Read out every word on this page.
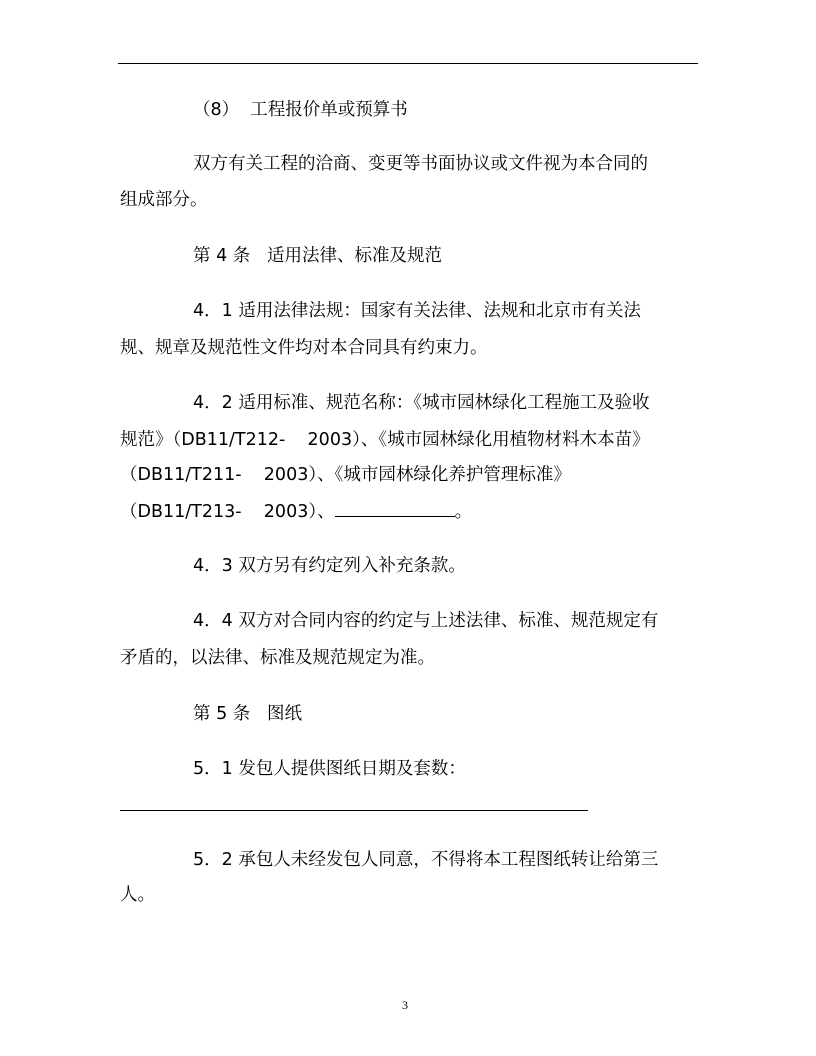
（8）  工程报价单或预算书
双方有关工程的洽商、变更等书面协议或文件视为本合同的
组成部分。
第 4 条   适用法律、标准及规范
4．1 适用法律法规：国家有关法律、法规和北京市有关法
规、规章及规范性文件均对本合同具有约束力。
4．2 适用标准、规范名称：《城市园林绿化工程施工及验收
规范》（DB11/T212-    2003）、《城市园林绿化用植物材料木本苗》
（DB11/T211-    2003）、《城市园林绿化养护管理标准》
（DB11/T213-    2003）、	。
4．3 双方另有约定列入补充条款。
4．4 双方对合同内容的约定与上述法律、标准、规范规定有
矛盾的，以法律、标准及规范规定为准。
第 5 条   图纸
5．1 发包人提供图纸日期及套数：
5．2 承包人未经发包人同意，不得将本工程图纸转让给第三
人。
3
